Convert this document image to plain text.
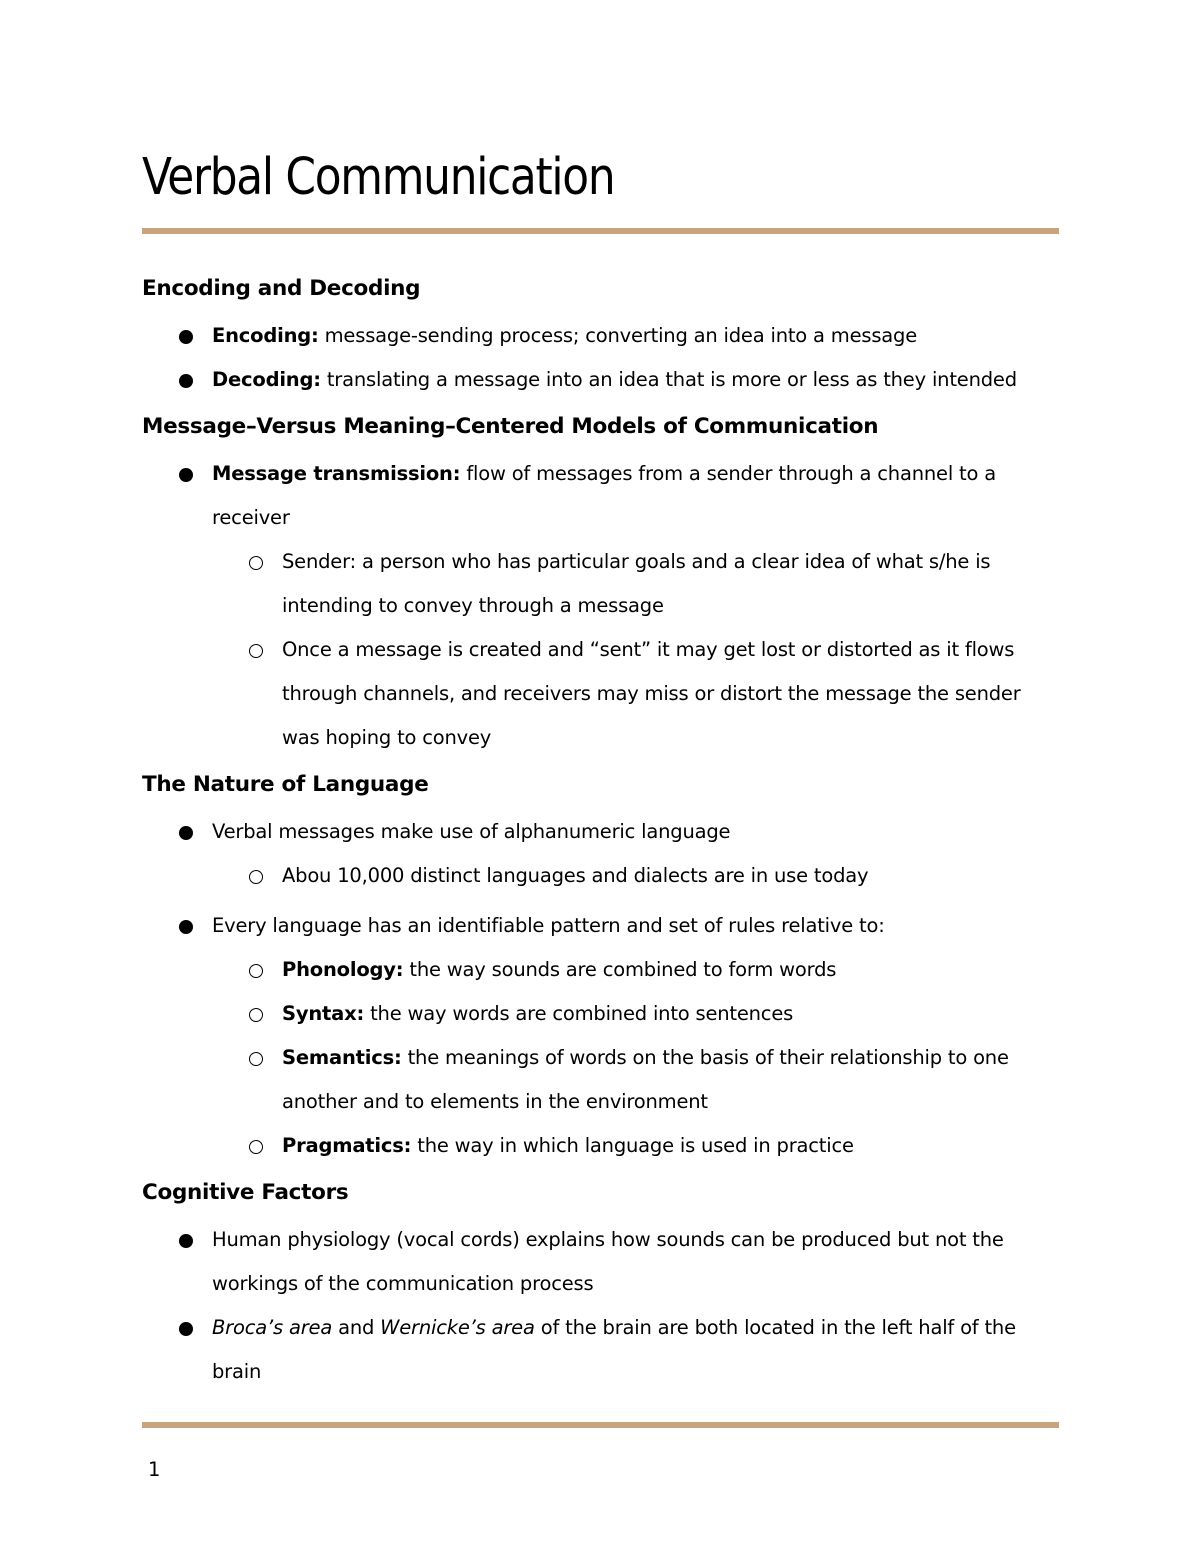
Verbal Communication
Encoding and Decoding
Encoding: message-sending process; converting an idea into a message
Decoding: translating a message into an idea that is more or less as they intended
Message–Versus Meaning–Centered Models of Communication
Message transmission: flow of messages from a sender through a channel to a receiver
Sender: a person who has particular goals and a clear idea of what s/he is intending to convey through a message
Once a message is created and “sent” it may get lost or distorted as it flows through channels, and receivers may miss or distort the message the sender was hoping to convey
The Nature of Language
Verbal messages make use of alphanumeric language
Abou 10,000 distinct languages and dialects are in use today
Every language has an identifiable pattern and set of rules relative to:
Phonology: the way sounds are combined to form words
Syntax: the way words are combined into sentences
Semantics: the meanings of words on the basis of their relationship to one another and to elements in the environment
Pragmatics: the way in which language is used in practice
Cognitive Factors
Human physiology (vocal cords) explains how sounds can be produced but not the workings of the communication process
Broca’s area and Wernicke’s area of the brain are both located in the left half of the brain
1
